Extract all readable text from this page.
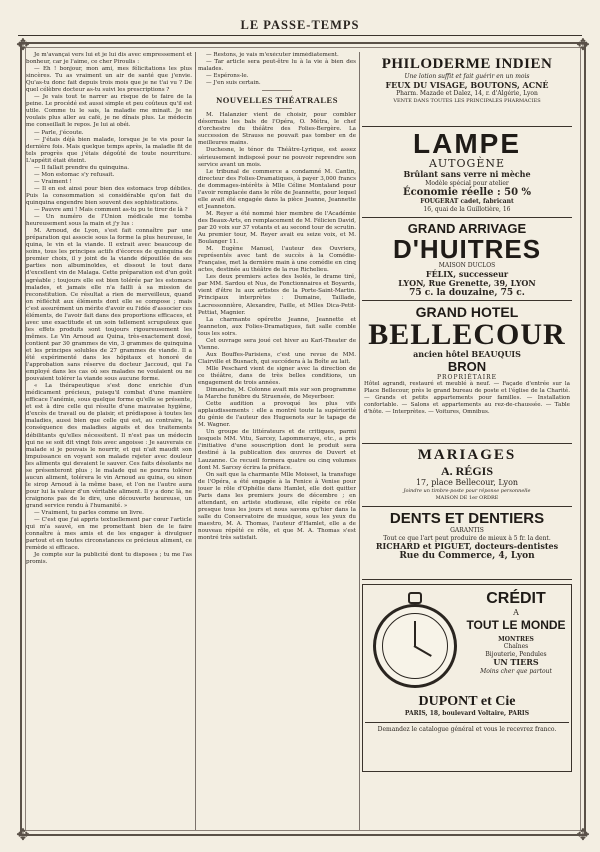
LE PASSE-TEMPS
✥	✥
✥	✥

Je m'avançai vers lui et je lui dis avec empressement et bonheur, car je l'aime, ce cher Piroulis :

— Eh ! bonjour, mon ami, mes félicitations les plus sincères. Tu as vraiment un air de santé que j'envie. Qu'as-tu donc fait depuis trois mois que je ne t'ai vu ? De quel célèbre docteur as-tu suivi les prescriptions ?

— Je vais tout te narrer au risque de te faire de la peine. Le procédé est aussi simple et peu coûteux qu'il est utile. Comme tu le sais, la maladie me minait. Je ne voulais plus aller au café, je ne dînais plus. Le médecin me conseillait le repos. Je lui ai obéi.

— Parle, j'écoute.

— J'étais déjà bien malade, lorsque je te vis pour la dernière fois. Mais quelque temps après, la maladie fit de tels progrès que j'étais dégoûté de toute nourriture. L'appétit était éteint.

— Il fallait prendre du quinquina.

— Mon estomac s'y refusait.

— Vraiment !

— Il en est ainsi pour bien des estomacs trop débiles. Puis la consommation si considérable qu'on fait du quinquina engendre bien souvent des sophistications.

— Pauvre ami ! Mais comment as-tu pu te tirer de là ?

— Un numéro de l'Union médicale me tomba heureusement sous la main et j'y lus :

M. Arnoud, de Lyon, s'est fait connaître par une préparation qui associe sous la forme la plus heureuse, le quina, le vin et la viande. Il extrait avec beaucoup de soins, tous les principes actifs d'écorces de quinquina de premier choix, il y joint de la viande dépouillée de ses parties non albuminoïdes, et dissout le tout dans d'excellent vin de Malaga. Cette préparation est d'un goût agréable ; toujours elle est bien tolérée par les estomacs malades, et jamais elle n'a failli à sa mission de reconstitution. Ce résultat a rien de merveilleux, quand on réfléchit aux éléments dont elle se compose ; mais c'est assurément un mérite d'avoir eu l'idée d'associer ces éléments, de l'avoir fait dans des proportions efficaces, et avec une exactitude et un soin tellement scrupuleux que les effets produits sont toujours rigoureusement les mêmes. Le Vin Arnoud au Quina, très-exactement dosé, contient par 30 grammes de vin, 3 grammes de quinquina et les principes solubles de 27 grammes de viande. Il a été expérimenté dans les hôpitaux et honoré de l'approbation sans réserve du docteur Jaccoud, qui l'a employé dans les cas où ses malades ne voulaient ou ne pouvaient tolérer la viande sous aucune forme.

« La thérapeutique s'est donc enrichie d'un médicament précieux, puisqu'il combat d'une manière efficace l'anémie, sous quelque forme qu'elle se présente, et est à dire celle qui résulte d'une mauvaise hygiène, d'excès de travail ou de plaisir, et prédispose à toutes les maladies, aussi bien que celle qui est, au contraire, la conséquence des maladies aiguës et des traitements débilitants qu'elles nécessitent. Il n'est pas un médecin qui ne se soit dit vingt fois avec angoisse : Je sauverais ce malade si je pouvais le nourrir, et qui n'ait maudit son impuissance en voyant son malade rejeter avec douleur les aliments qui devaient le sauver. Ces faits désolants ne se présenteront plus ; le malade qui ne pourra tolérer aucun aliment, tolérera le vin Arnoud au quina, ou sinon le sirop Arnoud à la même base, et l'on ne l'autre aura pour lui la valeur d'un véritable aliment. Il y a donc là, ne craignons pas de le dire, une découverte heureuse, un grand service rendu à l'humanité. »

— Vraiment, tu parles comme un livre.

— C'est que j'ai appris textuellement par cœur l'article qui m'a sauvé, en me promettant bien de le faire connaître à mes amis et de les engager à divulguer partout et en toutes circonstances ce précieux aliment, ce remède si efficace.

Je compte sur la publicité dont tu disposes ; tu me l'as promis.

— Restons, je vais m'exécuter immédiatement.

— Tar article sera peut-être lu à la vie à bien des malades.

— Espérons-le.

— J'en suis certain.

NOUVELLES THÉATRALES

M. Halanzier vient de choisir, pour combler désormais les bals de l'Opéra, O. Métra, le chef d'orchestre du théâtre des Folies-Bergère. La succession de Strauss ne pouvait pas tomber en de meilleures mains.

Duchesne, le ténor du Théâtre-Lyrique, est assez sérieusement indisposé pour ne pouvoir reprendre son service avant un mois.

Le tribunal de commerce a condamné M. Cantin, directeur des Folies-Dramatiques, à payer 3,000 francs de dommages-intérêts à Mlle Céline Montaland pour l'avoir remplacée dans le rôle de Jeannette, pour lequel elle avait été engagée dans la pièce Jeanne, Jeannette et Jeanneton.

M. Reyer a été nommé hier membre de l'Académie des Beaux-Arts, en remplacement de M. Félicien David, par 20 voix sur 37 votants et au second tour de scrutin. Au premier tour, M. Reyer avait eu seize voix, et M. Boulanger 11.

M. Eugène Manuel, l'auteur des Ouvriers, représentés avec tant de succès à la Comédie-Française, met la dernière main à une comédie en cinq actes, destinée au théâtre de la rue Richelieu.

Les deux premiers actes des Isolés, le drame tiré, par MM. Sardou et Nus, de Fonctionnaires et Boyards, vient d'être lu aux artistes de la Porte-Saint-Martin. Principaux interprètes : Dumaine, Taillade, Lacressonnière, Alexandre, Faille, et Mlles Dica-Petit-Pettiat, Magnier.

La charmante opérette Jeanne, Jeannette et Jeanneton, aux Folies-Dramatiques, fait salle comble tous les soirs.

Cet ouvrage sera joué cet hiver au Karl-Theater de Vienne.

Aux Bouffes-Parisiens, c'est une revue de MM. Clairville et Busnach, qui succédera à la Boîte au lait.

Mlle Peschard vient de signer avec la direction de ce théâtre, dans de très belles conditions, un engagement de trois années.

Dimanche, M. Colonne avait mis sur son programme la Marche funèbre du Struensée, de Meyerbeer.

Cette audition a provoqué les plus vifs applaudissements : elle a montré toute la supériorité du génie de l'auteur des Huguenots sur le tapage de M. Wagner.

Un groupe de littérateurs et de critiques, parmi lesquels MM. Vitu, Sarcey, Lapommeraye, etc., a pris l'initiative d'une souscription dont le produit sera destiné à la publication des œuvres de Duvert et Lauzanne. Ce recueil formera quatre ou cinq volumes dont M. Sarcey écrira la préface.

On sait que la charmante Mlle Moisset, la transfuge de l'Opéra, a été engagée à la Fenice à Venise pour jouer le rôle d'Ophélie dans Hamlet, elle doit quitter Paris dans les premiers jours de décembre ; en attendant, en artiste studieuse, elle répète ce rôle presque tous les jours et nous savons qu'hier dans la salle du Conservatoire de musique, sous les yeux du maestro, M. A. Thomas, l'auteur d'Hamlet, elle a de nouveau répété ce rôle, et que M. A. Thomas s'est montré très satisfait.

PHILODERME INDIEN
Une lotion suffit et fait guérir en un mois
FEUX DU VISAGE, BOUTONS, ACNÉ
Pharm. Mazade et Dalez, 14, r. d'Algérie, Lyon
VENTE DANS TOUTES LES PRINCIPALES PHARMACIES
LAMPE
AUTOGÈNE
Brûlant sans verre ni mèche
Modèle spécial pour atelier
Économie réelle : 50 %
FOUGERAT cadet, fabricant
16, quai de la Guillotière, 16
GRAND ARRIVAGE
D'HUITRES
MAISON DUCLOS
FÉLIX, successeur
LYON, Rue Grenette, 39, LYON
75 c. la douzaine, 75 c.
GRAND HOTEL
BELLECOUR
ancien hôtel BEAUQUIS
BRON
PROPRIÉTAIRE
Hôtel agrandi, restauré et meublé à neuf. — Façade d'entrée sur la Place Bellecour, près le grand bureau de poste et l'église de la Charité. — Grands et petits appartements pour familles. — Installation confortable. — Salons et appartements au rez-de-chaussée. — Table d'hôte. — Interprètes. — Voitures, Omnibus.
MARIAGES
A. RÉGIS
17, place Bellecour, Lyon
Joindre un timbre-poste pour réponse personnelle
MAISON DE 1er ORDRE
DENTS ET DENTIERS
GARANTIS
Tout ce que l'art peut produire de mieux à 5 fr. la dent.
RICHARD et PIGUET, docteurs-dentistes
Rue du Commerce, 4, Lyon
CRÉDIT
A
TOUT LE MONDE
MONTRES
Chaînes
Bijouterie, Pendules
UN TIERS
Moins cher que partout
DUPONT et Cie
PARIS, 18, boulevard Voltaire, PARIS
Demandez le catalogue général et vous le recevrez franco.
